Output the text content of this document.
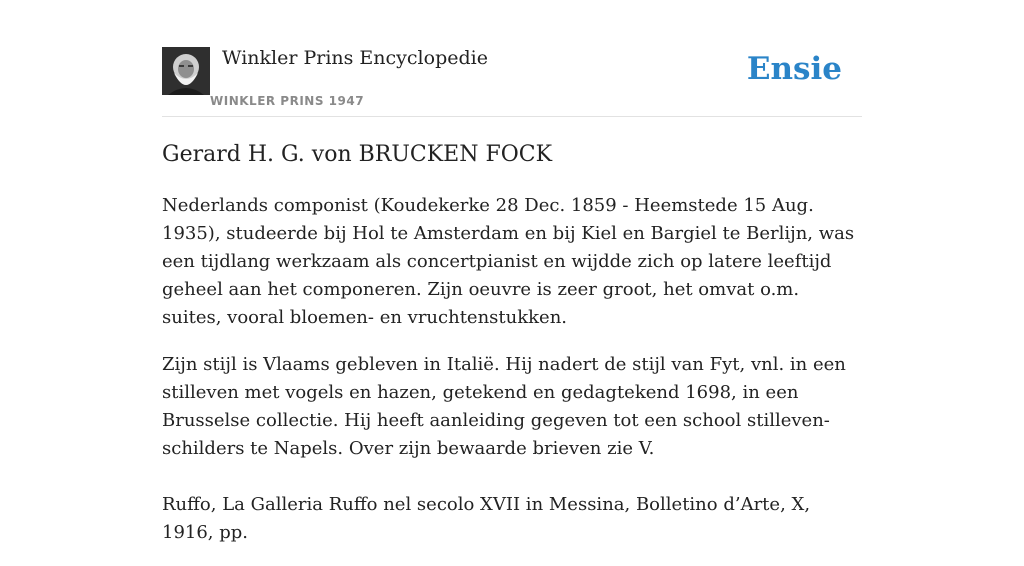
Winkler Prins Encyclopedie
WINKLER PRINS 1947
Ensie
Gerard H. G. von BRUCKEN FOCK

Nederlands componist (Koudekerke 28 Dec. 1859 - Heemstede 15 Aug. 1935), studeerde bij Hol te Amsterdam en bij Kiel en Bargiel te Berlijn, was een tijdlang werkzaam als concertpianist en wijdde zich op latere leeftijd geheel aan het componeren. Zijn oeuvre is zeer groot, het omvat o.m. suites, vooral bloemen- en vruchtenstukken.

Zijn stijl is Vlaams gebleven in Italië. Hij nadert de stijl van Fyt, vnl. in een stilleven met vogels en hazen, getekend en gedagtekend 1698, in een Brusselse collectie. Hij heeft aanleiding gegeven tot een school stilleven-schilders te Napels. Over zijn bewaarde brieven zie V.

Ruffo, La Galleria Ruffo nel secolo XVII in Messina, Bolletino d’Arte, X, 1916, pp.
